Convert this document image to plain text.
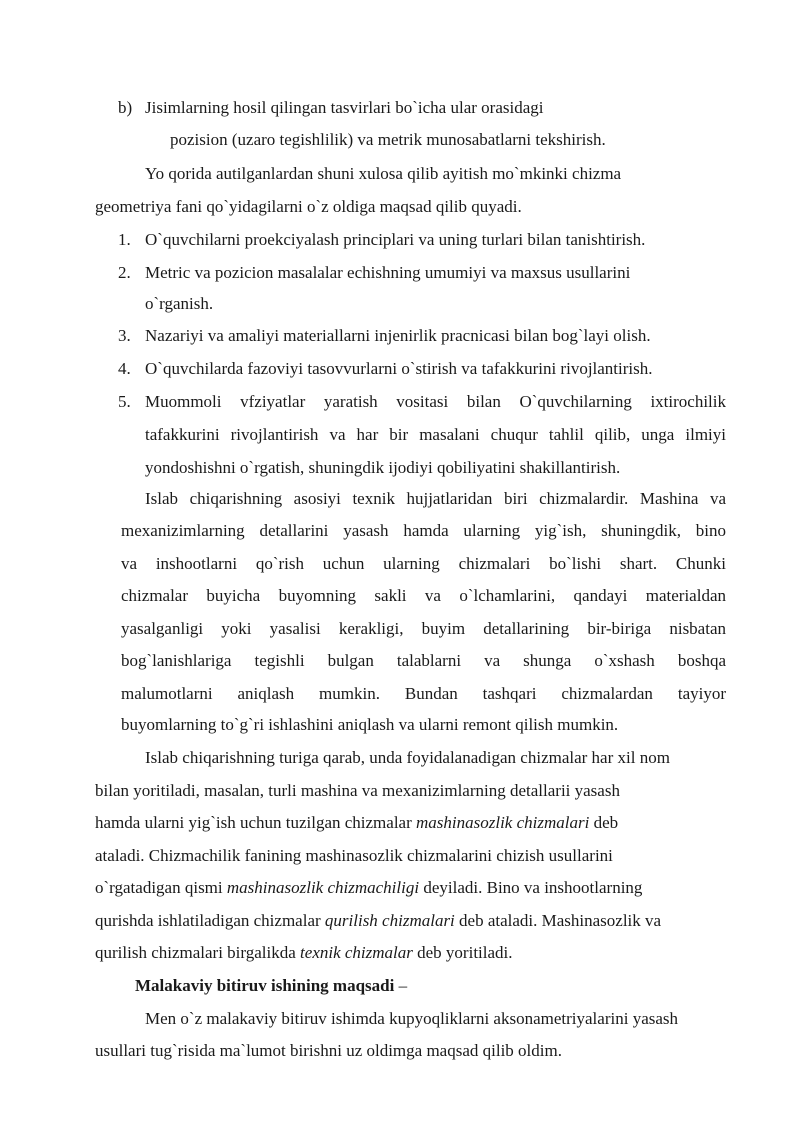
b) Jisimlarning hosil qilingan tasvirlari bo`icha ular orasidagi
pozision (uzaro tegishlilik) va metrik munosabatlarni tekshirish.
Yo qorida autilganlardan shuni xulosa qilib ayitish mo`mkinki chizma
geometriya fani qo`yidagilarni o`z oldiga maqsad qilib quyadi.
1. O`quvchilarni proekciyalash principlari va uning turlari bilan tanishtirish.
2. Metric va pozicion masalalar echishning umumiyi va maxsus usullarini
o`rganish.
3. Nazariyi va amaliyi materiallarni injenirlik pracnicasi bilan bog`layi olish.
4. O`quvchilarda fazoviyi tasovvurlarni o`stirish va tafakkurini rivojlantirish.
5. Muommoli vfziyatlar yaratish vositasi bilan O`quvchilarning ixtirochilik
tafakkurini rivojlantirish va har bir masalani chuqur tahlil qilib, unga ilmiyi
yondoshishni o`rgatish, shuningdik ijodiyi qobiliyatini shakillantirish.
Islab chiqarishning asosiyi texnik hujjatlaridan biri chizmalardir. Mashina va
mexanizimlarning detallarini yasash hamda ularning yig`ish, shuningdik, bino
va inshootlarni qo`rish uchun ularning chizmalari bo`lishi shart. Chunki
chizmalar buyicha buyomning sakli va o`lchamlarini, qandayi materialdan
yasalganligi yoki yasalisi kerakligi, buyim detallarining bir-biriga nisbatan
bog`lanishlariga tegishli bulgan talablarni va shunga o`xshash boshqa
malumotlarni aniqlash mumkin. Bundan tashqari chizmalardan tayiyor
buyomlarning to`g`ri ishlashini aniqlash va ularni remont qilish mumkin.
Islab chiqarishning turiga qarab, unda foyidalanadigan chizmalar har xil nom
bilan yoritiladi, masalan, turli mashina va mexanizimlarning detallarii yasash
hamda ularni yig`ish uchun tuzilgan chizmalar mashinasozlik chizmalari deb
ataladi. Chizmachilik fanining mashinasozlik chizmalarini chizish usullarini
o`rgatadigan qismi mashinasozlik chizmachiligi deyiladi. Bino va inshootlarning
qurishda ishlatiladigan chizmalar qurilish chizmalari deb ataladi. Mashinasozlik va
qurilish chizmalari birgalikda texnik chizmalar deb yoritiladi.
Malakaviy bitiruv ishining maqsadi –
Men o`z malakaviy bitiruv ishimda kupyoqliklarni aksonametriyalarini yasash
usullari tug`risida ma`lumot birishni uz oldimga maqsad qilib oldim.
